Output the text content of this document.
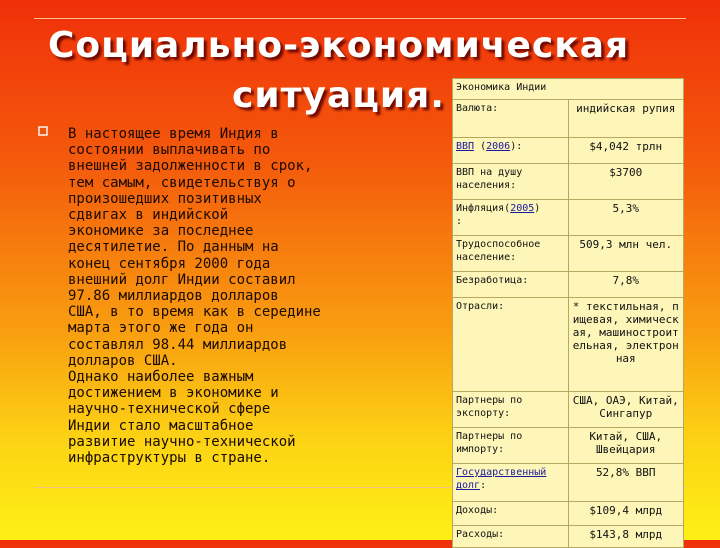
Социально-экономическая
ситуация.

В настоящее время Индия в
состоянии выплачивать по
внешней задолженности в срок,
тем самым, свидетельствуя о
произошедших позитивных
сдвигах в индийской
экономике за последнее
десятилетие. По данным на
конец сентября 2000 года
внешний долг Индии составил
97.86 миллиардов долларов
США, в то время как в середине
марта этого же года он
составлял 98.44 миллиардов
долларов США.
Однако наиболее важным
достижением в экономике и
научно-технической сфере
Индии стало масштабное
развитие научно-технической
инфраструктуры в стране.

Экономика Индии	
Валюта:	индийская рупия
ВВП (2006):	$4,042 трлн
ВВП на душу населения:	$3700
Инфляция(2005)
:	5,3%
Трудоспособное население:	509,3 млн чел.
Безработица:	7,8%
Отрасли:	* текстильная, пищевая, химическая, машиностроительная, электронная
Партнеры по экспорту:	США, ОАЭ, Китай, Сингапур
Партнеры по импорту:	Китай, США, Швейцария
Государственный долг:	52,8% ВВП
Доходы:	$109,4 млрд
Расходы:	$143,8 млрд
